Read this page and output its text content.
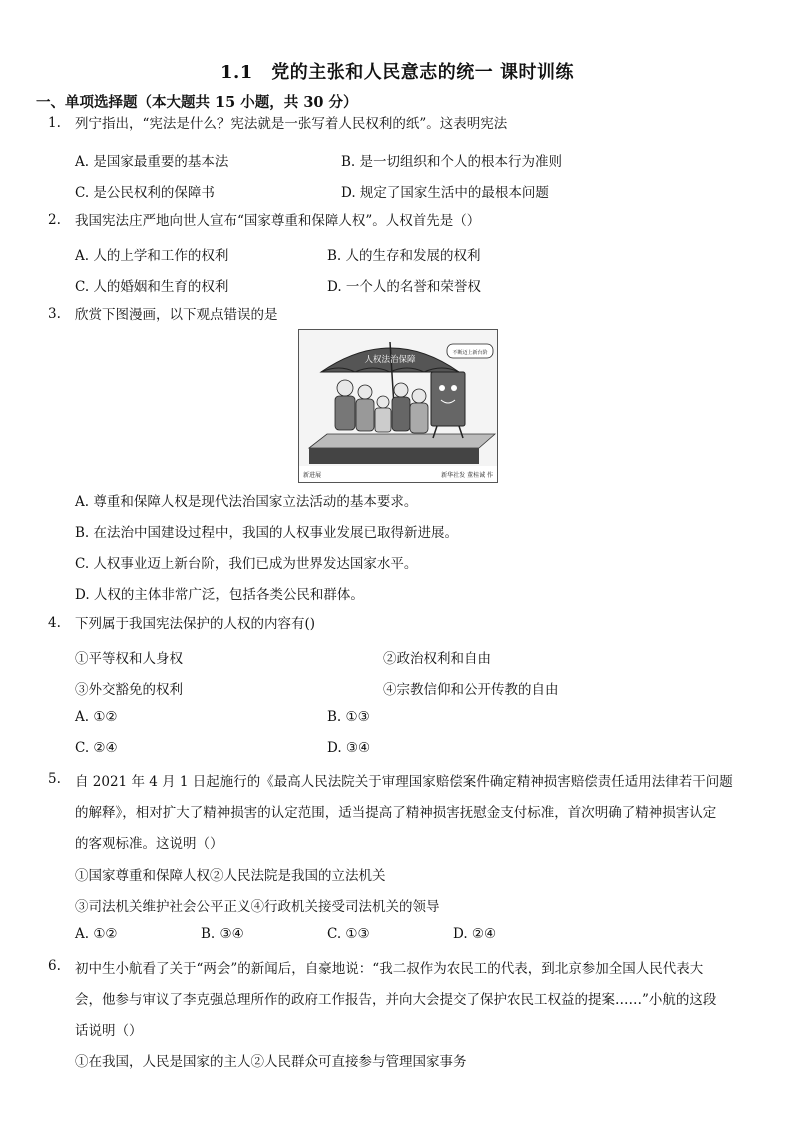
1.1　党的主张和人民意志的统一 课时训练
一、单项选择题（本大题共 15 小题，共 30 分）
1.	列宁指出，“宪法是什么？宪法就是一张写着人民权利的纸”。这表明宪法
A. 是国家最重要的基本法	B. 是一切组织和个人的根本行为准则
C. 是公民权利的保障书	D. 规定了国家生活中的最根本问题
2.	我国宪法庄严地向世人宣布“国家尊重和保障人权”。人权首先是（）
A. 人的上学和工作的权利	B. 人的生存和发展的权利
C. 人的婚姻和生育的权利	D. 一个人的名誉和荣誉权
3.	欣赏下图漫画，以下观点错误的是
人权法治保障
不断迈上新台阶
新进展	新华社发 董桂诚 作
A. 尊重和保障人权是现代法治国家立法活动的基本要求。
B. 在法治中国建设过程中，我国的人权事业发展已取得新进展。
C. 人权事业迈上新台阶，我们已成为世界发达国家水平。
D. 人权的主体非常广泛，包括各类公民和群体。
4.	下列属于我国宪法保护的人权的内容有()
①平等权和人身权	②政治权利和自由
③外交豁免的权利	④宗教信仰和公开传教的自由
A. ①②	B. ①③
C. ②④	D. ③④
5.	自 2021 年 4 月 1 日起施行的《最高人民法院关于审理国家赔偿案件确定精神损害赔偿责任适用法律若干问题
的解释》，相对扩大了精神损害的认定范围，适当提高了精神损害抚慰金支付标准，首次明确了精神损害认定
的客观标准。这说明（）
①国家尊重和保障人权②人民法院是我国的立法机关
③司法机关维护社会公平正义④行政机关接受司法机关的领导
A. ①②	B. ③④	C. ①③	D. ②④
6.	初中生小航看了关于“两会”的新闻后，自豪地说：“我二叔作为农民工的代表，到北京参加全国人民代表大
会，他参与审议了李克强总理所作的政府工作报告，并向大会提交了保护农民工权益的提案……”小航的这段
话说明（）
①在我国，人民是国家的主人②人民群众可直接参与管理国家事务
